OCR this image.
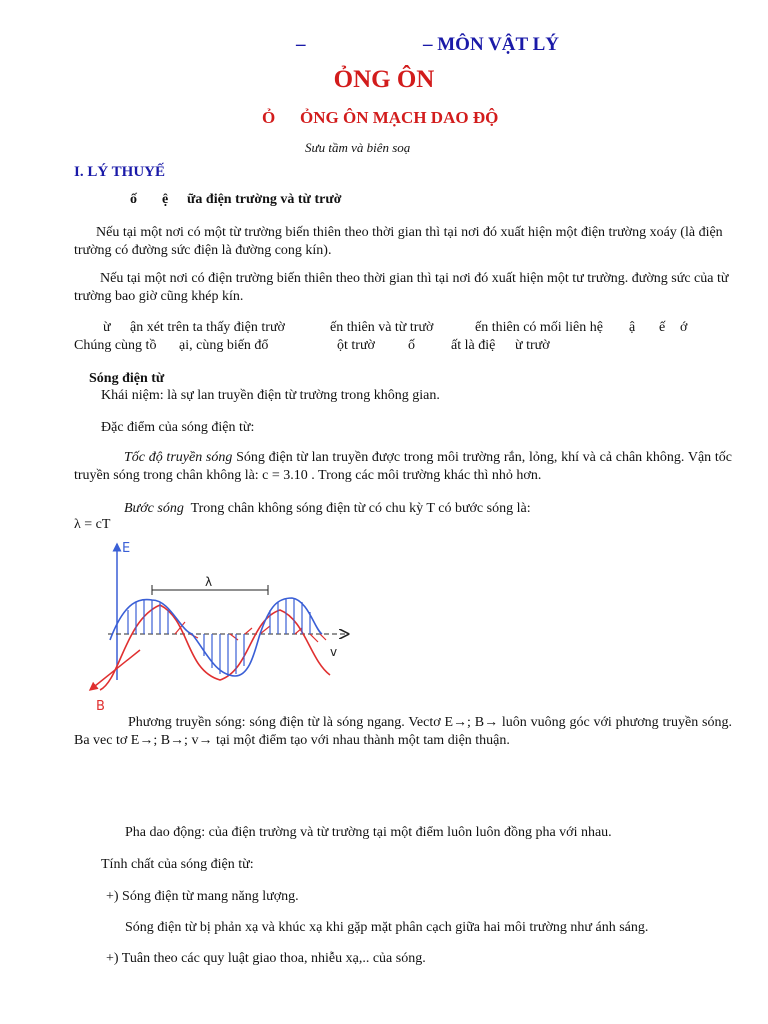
–	– MÔN VẬT LÝ
ỎNG ÔN
Ỏ ỎNG ÔN MẠCH DAO ĐỘ
Sưu tầm và biên soạ
I. LÝ THUYẾ
ố ệ ữa điện trường và từ trườ
Nếu tại một nơi có một từ trường biến thiên theo thời gian thì tại nơi đó xuất hiện một điện trường xoáy (là điện trường có đường sức điện là đường cong kín).
Nếu tại một nơi có điện trường biến thiên theo thời gian thì tại nơi đó xuất hiện một tư trường. đường sức của từ trường bao giờ cũng khép kín.
ừ ận xét trên ta thấy điện trườ	ến thiên và từ trườ	ến thiên có mối liên hệ ậ ế ớ
Chúng cùng tồ ại, cùng biến đổ	ột trườ ố	ất là điệ ừ trườ
Sóng điện từ
Khái niệm: là sự lan truyền điện từ trường trong không gian.
Đặc điểm của sóng điện từ:
Tốc độ truyền sóng Sóng điện từ lan truyền được trong môi trường rắn, lỏng, khí và cả chân không. Vận tốc truyền sóng trong chân không là: c = 3.10 . Trong các môi trường khác thì nhỏ hơn.
Bước sóng Trong chân không sóng điện từ có chu kỳ T có bước sóng là:
λ = cT
λ
E
B
v
Phương truyền sóng: sóng điện từ là sóng ngang. Vectơ E→; B→ luôn vuông góc với phương truyền sóng. Ba vec tơ E→; B→; v→ tại một điểm tạo với nhau thành một tam diện thuận.
Pha dao động: của điện trường và từ trường tại một điểm luôn luôn đồng pha với nhau.
Tính chất của sóng điện từ:
+) Sóng điện từ mang năng lượng.
Sóng điện từ bị phản xạ và khúc xạ khi gặp mặt phân cạch giữa hai môi trường như ánh sáng.
+) Tuân theo các quy luật giao thoa, nhiễu xạ,.. của sóng.
